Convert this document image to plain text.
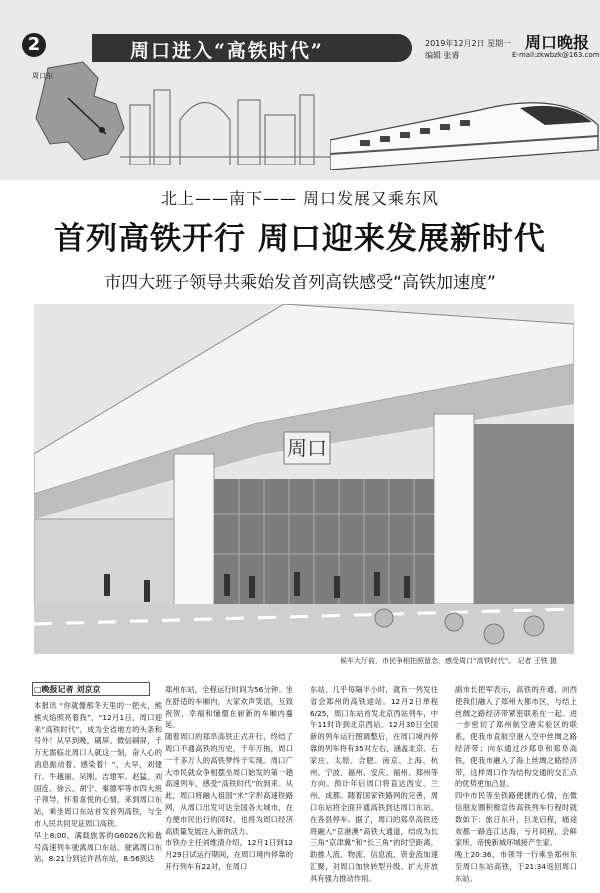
周口东
2	周口进入“高铁时代”	2019年12月2日 星期一
编辑 张睿
周口晚报
E-mail:zkwbzk@163.com
北上——南下—— 周口发展又乘东风
首列高铁开行 周口迎来发展新时代
市四大班子领导共乘始发首列高铁感受“高铁加速度”
周口
候车大厅前，市民争相拍照留念，感受周口“高铁时代”。 记者 王铁 摄
□晚报记者 刘京京
本报讯 “你就像那冬天里的一把火，熊熊火焰照亮着我”，“12月1日，周口迎来“高铁时代”，成为全省地方的头条和号外！从早到晚，刷屏、微信刷屏，千万无需临北周口人就这一刻，奋人心的消息振动着、感染着！”，大早，刘建行、牛越丽、吴刚、吉建军、赵猛、刘国连、徐云、胡宁、秦德军等市四大班子领导，怀着喜悦的心情，来到周口东站，乘坐周口东站首发首列高铁，与全市人民共同见证周口高铁。
早上8:00，满载旅客的G6026次和谐号高速列车驶离周口东站。驶离周口东站，8:21分到达许昌东站，8:56到达
郑州东站，全程运行时间为56分钟。坐在舒适的车厢内，大家欢声笑语，互致祝贺，幸福和憧憬在崭新的车厢内蔓延。
随着周口的郑阜高铁正式开行，终结了周口不通高铁的历史，千年万拖，周口一千多万人的高铁梦终于实现。周口广大市民就众争相摆坐周口始发的第一趟高速列车，感受“高铁时代”的到来。从此，周口将融入祖国“米”字形高速铁路网，从周口出发可达全国各大城市，在方便市民出行的同时，也将为周口经济高质量发展注入新的活力。
市铁办主任刘维清介绍，12月1日到12月29日试运行期间，在周口境内停靠的开行列车有22对，在周口
东站，几乎每隔半小时，就有一列发往省会郑州的高铁途站。12月2日单程6/25，周口东站首发北京西站列车，中午11时许到北京西站。12月30日全国新的列车运行图调整后，在周口境内停靠的列车将有35对左右，涵盖北京、石家庄、太原、合肥、南京、上海、杭州、宁波、福州、安庆、福州、郑州等方向。预计年后周口将直达西安、兰州、成都。随着国家铁路网的完善，周口东站将全面开通高铁到达周口东站。在各县停车。据了，周口的郑阜高铁还将融入“京港澳”高铁大通道，结成为长三角“京津冀”和“长三角”的时空距离，助推人流、物流、信息流、资金流加速汇聚，对周口加快转型升级、扩大开放具有强力推动作用。
副市长把军表示，高铁的开通，向西使我们融入了郑州大都市区，与结上丝绸之路经济带紧密联系在一起。进一步密切了郑州航空港实验区的联系，使我市直航空港入空中丝绸之路经济带；向东通过沙郑阜和郑阜高铁，使我市融入了海上丝绸之路经济带，这样周口作为结构交通的交汇点的优势更加凸显。
四中市民等坐铁路便捷的心情，在微信朋友圈积极宣传高铁列车行程时就数如下：旅日东升，巨龙启程，痛途欢都一路连江达海，亏月同程，会鲜家所，帝挽新城环城接产生家。
晚上20:36，市领导一行乘坐郑州东至周口东站高铁，于21:34返回周口东站。
